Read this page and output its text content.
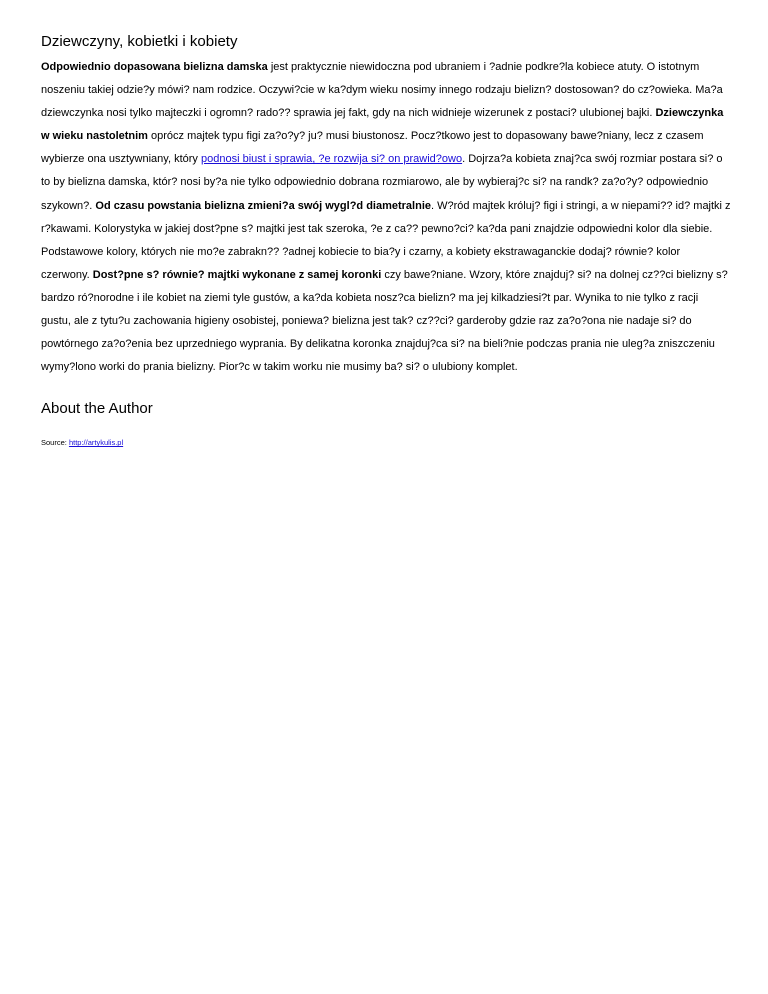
Dziewczyny, kobietki i kobiety

Odpowiednio dopasowana bielizna damska jest praktycznie niewidoczna pod ubraniem i ?adnie podkre?la kobiece atuty. O istotnym noszeniu takiej odzie?y mówi? nam rodzice. Oczywi?cie w ka?dym wieku nosimy innego rodzaju bielizn? dostosowan? do cz?owieka. Ma?a dziewczynka nosi tylko majteczki i ogromn? rado?? sprawia jej fakt, gdy na nich widnieje wizerunek z postaci? ulubionej bajki. Dziewczynka w wieku nastoletnim oprócz majtek typu figi za?o?y? ju? musi biustonosz. Pocz?tkowo jest to dopasowany bawe?niany, lecz z czasem wybierze ona usztywniany, który podnosi biust i sprawia, ?e rozwija si? on prawid?owo. Dojrza?a kobieta znaj?ca swój rozmiar postara si? o to by bielizna damska, któr? nosi by?a nie tylko odpowiednio dobrana rozmiarowo, ale by wybieraj?c si? na randk? za?o?y? odpowiednio szykown?. Od czasu powstania bielizna zmieni?a swój wygl?d diametralnie. W?ród majtek króluj? figi i stringi, a w niepami?? id? majtki z r?kawami. Kolorystyka w jakiej dost?pne s? majtki jest tak szeroka, ?e z ca?? pewno?ci? ka?da pani znajdzie odpowiedni kolor dla siebie. Podstawowe kolory, których nie mo?e zabrakn?? ?adnej kobiecie to bia?y i czarny, a kobiety ekstrawaganckie dodaj? równie? kolor czerwony. Dost?pne s? równie? majtki wykonane z samej koronki czy bawe?niane. Wzory, które znajduj? si? na dolnej cz??ci bielizny s? bardzo ró?norodne i ile kobiet na ziemi tyle gustów, a ka?da kobieta nosz?ca bielizn? ma jej kilkadziesi?t par. Wynika to nie tylko z racji gustu, ale z tytu?u zachowania higieny osobistej, poniewa? bielizna jest tak? cz??ci? garderoby gdzie raz za?o?ona nie nadaje si? do powtórnego za?o?enia bez uprzedniego wyprania. By delikatna koronka znajduj?ca si? na bieli?nie podczas prania nie uleg?a zniszczeniu wymy?lono worki do prania bielizny. Pior?c w takim worku nie musimy ba? si? o ulubiony komplet.

About the Author

Source: http://artykulis.pl
